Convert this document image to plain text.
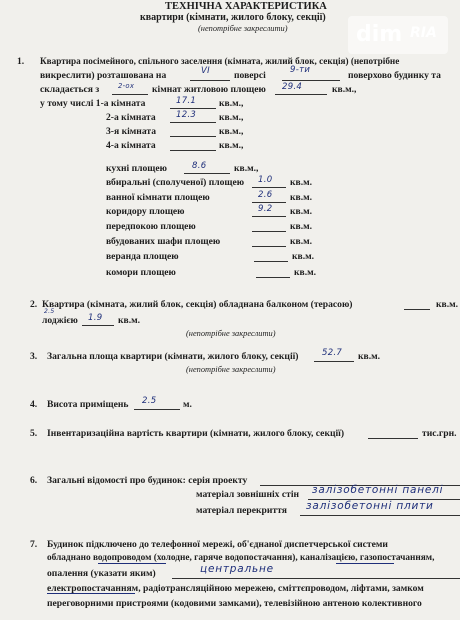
ТЕХНІЧНА ХАРАКТЕРИСТИКА
квартири (кімнати, жилого блоку, секції)
(непотрібне закреслити)	dim RIA
1. Квартира посімейного, спільного заселення (кімната, жилий блок, секція) (непотрібне
викреслити) розташована на	VI	поверсі	9-ти	поверхово будинку та
складається з	2-ох кімнат житловою площею 29.4	кв.м.,
у тому числі 1-а кімната	17.1 кв.м.,
2-а кімната 12.3 кв.м.,
3-я кімната	кв.м.,
4-а кімната	кв.м.,
кухні площею	8.6	кв.м.,
вбиральні (сполученої) площею 1.0 кв.м.
ванної кімнати площею	2.6 кв.м.
коридору площею	9.2 кв.м.
передпокою площею	кв.м.
вбудованих шафи площею	кв.м.
веранда площею	кв.м.
комори площею	кв.м.
2. Квартира (кімната, жилий блок, секція) обладнана балконом (терасою)	кв.м.
2.5
лоджією 1.9 кв.м.
(непотрібне закреслити)
3. Загальна площа квартири (кімнати, жилого блоку, секції)	52.7 кв.м.
(непотрібне закреслити)
4. Висота приміщень 2.5	м.
5. Інвентаризаційна вартість квартири (кімнати, жилого блоку, секції)	тис.грн.
6. Загальні відомості про будинок: серія проекту
матеріал зовнішніх стін залізобетонні панелі
матеріал перекриття залізобетонні плити
7. Будинок підключено до телефонної мережі, об'єднаної диспетчерської системи
обладнано водопроводом (холодне, гаряче водопостачання), каналізацією, газопостачанням,
опалення (указати яким)	центральне
електропостачанням, радіотрансляційною мережею, сміттєпроводом, ліфтами, замком
переговорними пристроями (кодовими замками), телевізійною антеною колективного
